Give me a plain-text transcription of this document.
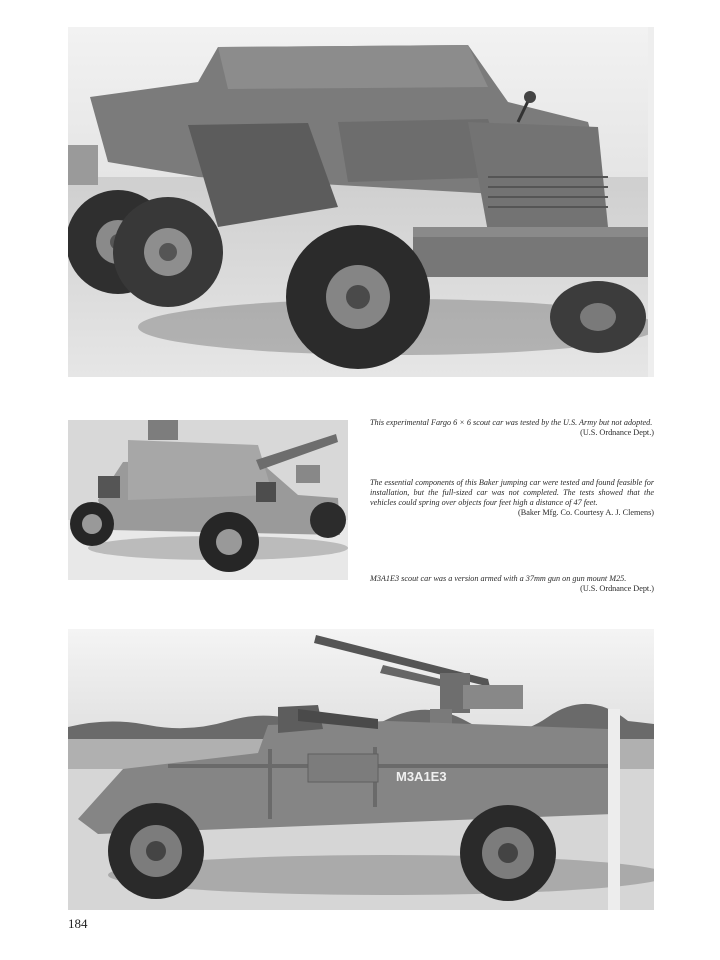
This experimental Fargo 6 × 6 scout car was tested by the U.S. Army but not adopted.
(U.S. Ordnance Dept.)
The essential components of this Baker jumping car were tested and found feasible for installation, but the full-sized car was not completed. The tests showed that the vehicles could spring over objects four feet high a distance of 47 feet.
(Baker Mfg. Co. Courtesy A. J. Clemens)
M3A1E3 scout car was a version armed with a 37mm gun on gun mount M25.
(U.S. Ordnance Dept.)
M3A1E3
184
